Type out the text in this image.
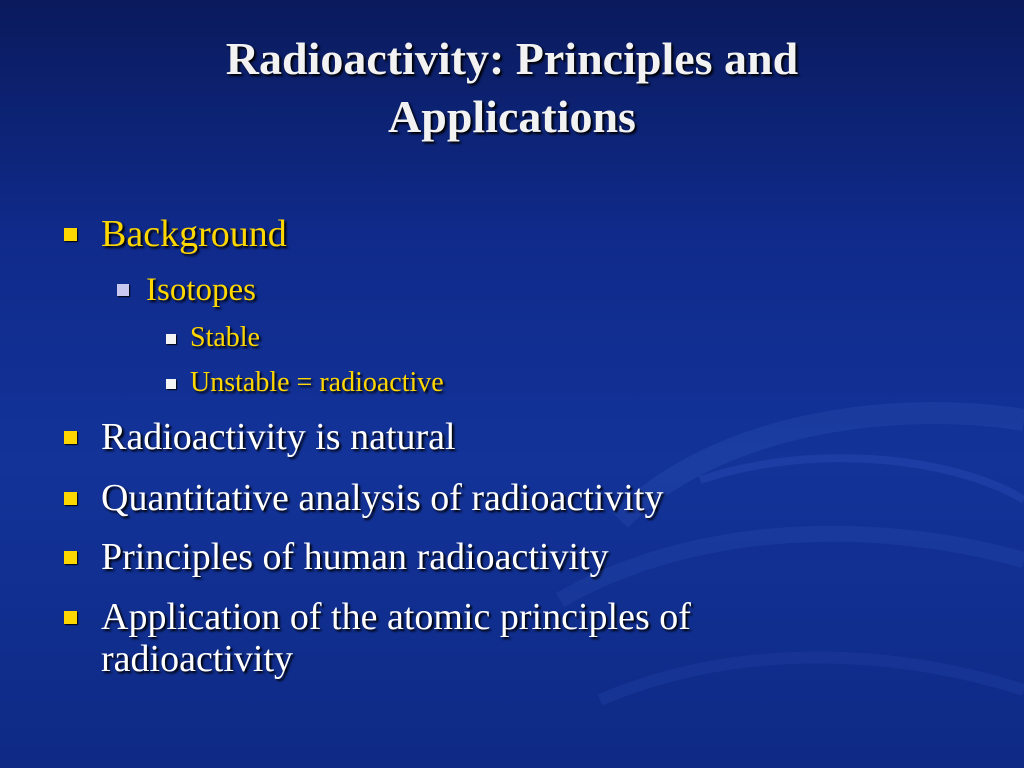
Radioactivity: Principles and
Applications
Background
Isotopes
Stable
Unstable = radioactive
Radioactivity is natural
Quantitative analysis of radioactivity
Principles of human radioactivity
Application of the atomic principles of
radioactivity
